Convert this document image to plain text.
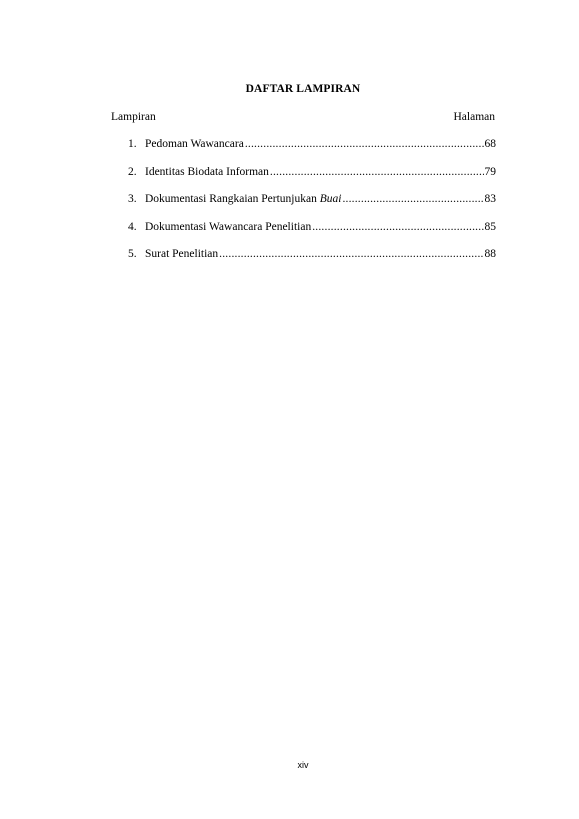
DAFTAR LAMPIRAN
Lampiran	Halaman
1. Pedoman Wawancara .....	68
2. Identitas Biodata Informan .....	79
3. Dokumentasi Rangkaian Pertunjukan Buai .....	83
4. Dokumentasi Wawancara Penelitian .....	85
5. Surat Penelitian .....	88
xiv
